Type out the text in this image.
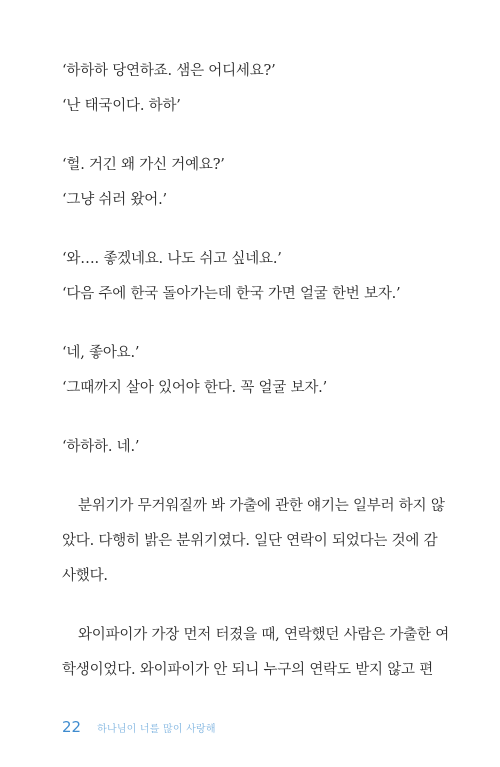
‘하하하 당연하죠. 샘은 어디세요?’
‘난 태국이다. 하하’
‘헐. 거긴 왜 가신 거예요?’
‘그냥 쉬러 왔어.’
‘와…. 좋겠네요. 나도 쉬고 싶네요.’
‘다음 주에 한국 돌아가는데 한국 가면 얼굴 한번 보자.’
‘네, 좋아요.’
‘그때까지 살아 있어야 한다. 꼭 얼굴 보자.’
‘하하하. 네.’
분위기가 무거워질까 봐 가출에 관한 얘기는 일부러 하지 않
았다. 다행히 밝은 분위기였다. 일단 연락이 되었다는 것에 감
사했다.
와이파이가 가장 먼저 터졌을 때, 연락했던 사람은 가출한 여
학생이었다. 와이파이가 안 되니 누구의 연락도 받지 않고 편
22 하나님이 너를 많이 사랑해
